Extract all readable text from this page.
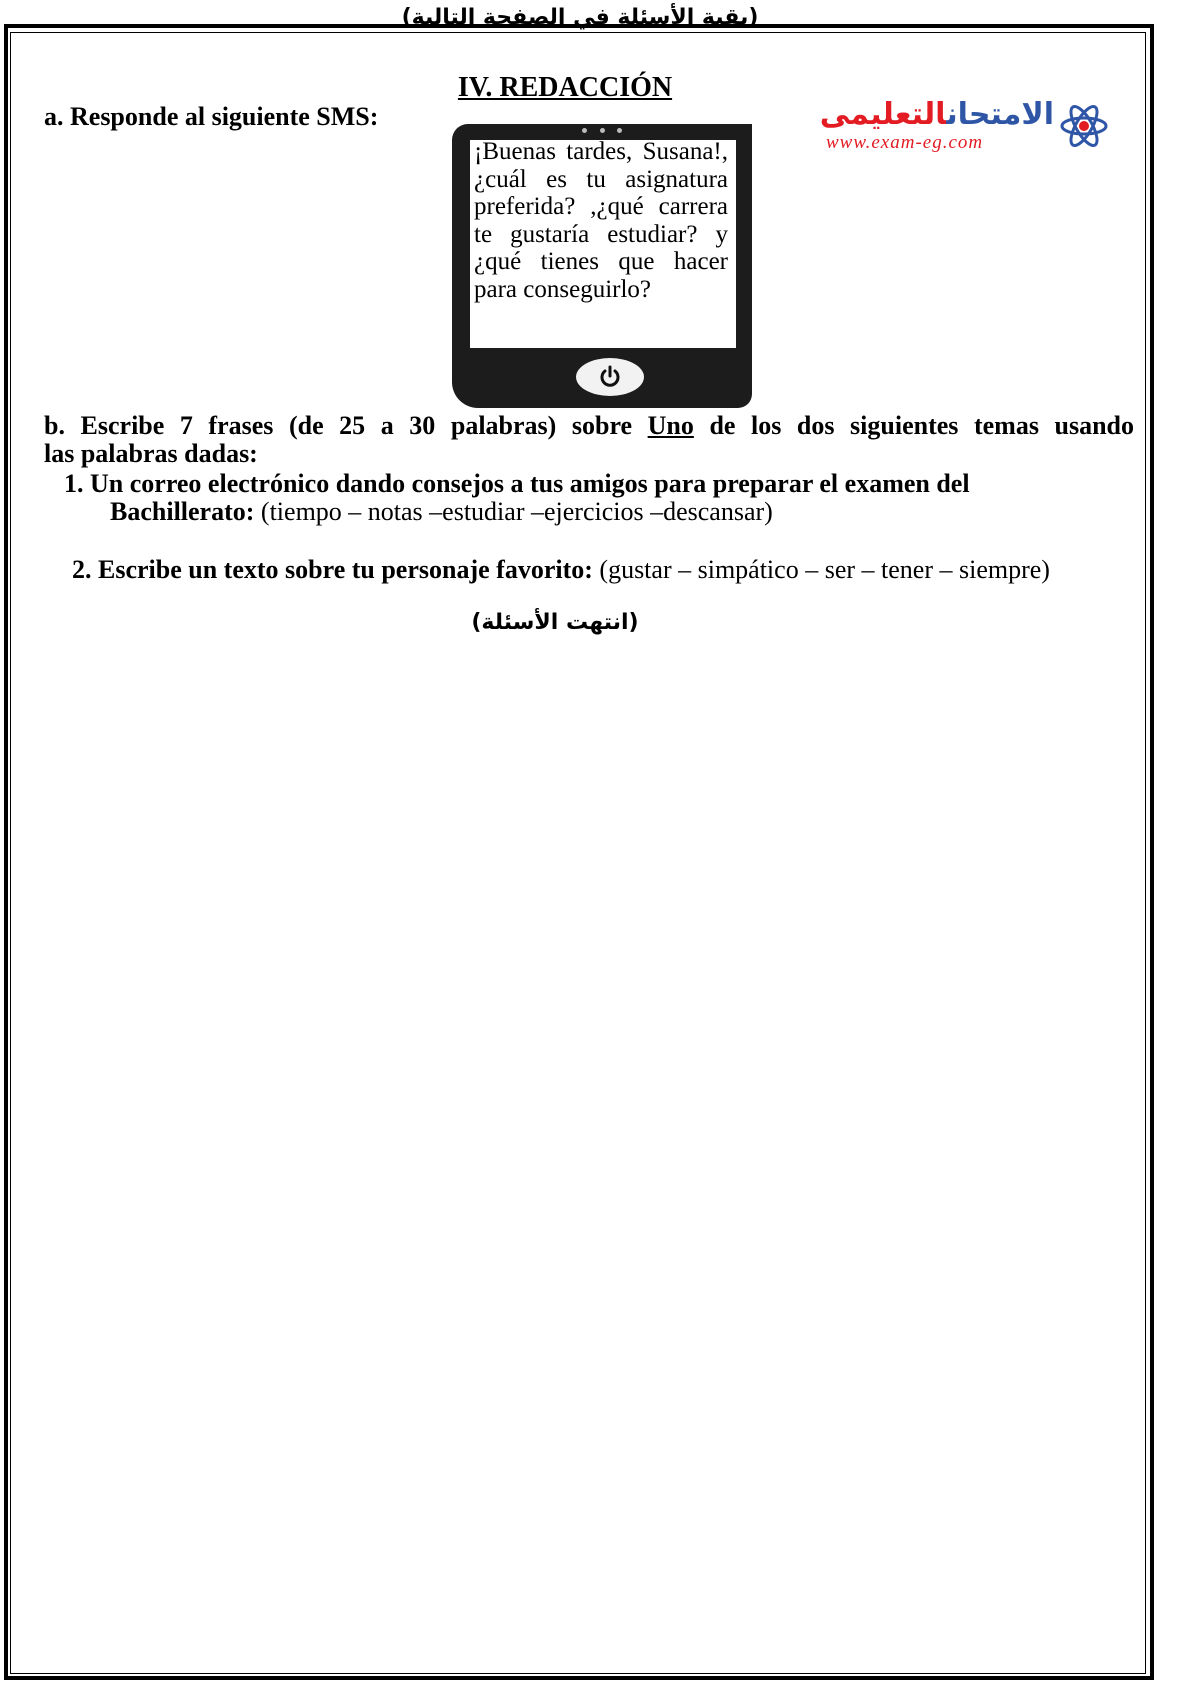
(بقية الأسئلة في الصفحة التالية)
IV. REDACCIÓN
a. Responde al siguiente SMS:
¡Buenas tardes, Susana!, ¿cuál es tu asignatura preferida? ,¿qué carrera te gustaría estudiar? y ¿qué tienes que hacer para conseguirlo?
الامتحانالتعليمى
www.exam-eg.com
b. Escribe 7 frases (de 25 a 30 palabras) sobre Uno de los dos siguientes temas usando
las palabras dadas:
1. Un correo electrónico dando consejos a tus amigos para preparar el examen del
Bachillerato: (tiempo – notas –estudiar –ejercicios –descansar)
2. Escribe un texto sobre tu personaje favorito: (gustar – simpático – ser – tener – siempre)
(انتهت الأسئلة)
